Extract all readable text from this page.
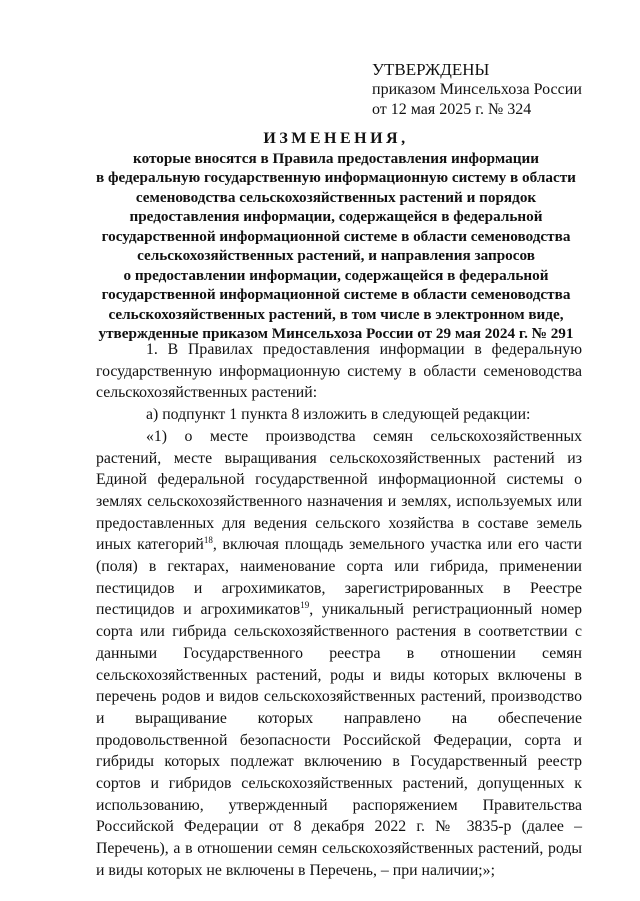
УТВЕРЖДЕНЫ
приказом Минсельхоза России
от 12 мая 2025 г. № 324
ИЗМЕНЕНИЯ,
которые вносятся в Правила предоставления информации
в федеральную государственную информационную систему в области
семеноводства сельскохозяйственных растений и порядок
предоставления информации, содержащейся в федеральной
государственной информационной системе в области семеноводства
сельскохозяйственных растений, и направления запросов
о предоставлении информации, содержащейся в федеральной
государственной информационной системе в области семеноводства
сельскохозяйственных растений, в том числе в электронном виде,
утвержденные приказом Минсельхоза России от 29 мая 2024 г. № 291

1. В Правилах предоставления информации в федеральную государственную информационную систему в области семеноводства сельскохозяйственных растений:

а) подпункт 1 пункта 8 изложить в следующей редакции:

«1) о месте производства семян сельскохозяйственных растений, месте выращивания сельскохозяйственных растений из Единой федеральной государственной информационной системы о землях сельскохозяйственного назначения и землях, используемых или предоставленных для ведения сельского хозяйства в составе земель иных категорий$^{18}$, включая площадь земельного участка или его части (поля) в гектарах, наименование сорта или гибрида, применении пестицидов и агрохимикатов, зарегистрированных в Реестре пестицидов и агрохимикатов$^{19}$, уникальный регистрационный номер сорта или гибрида сельскохозяйственного растения в соответствии с данными Государственного реестра в отношении семян сельскохозяйственных растений, роды и виды которых включены в перечень родов и видов сельскохозяйственных растений, производство и выращивание которых направлено на обеспечение продовольственной безопасности Российской Федерации, сорта и гибриды которых подлежат включению в Государственный реестр сортов и гибридов сельскохозяйственных растений, допущенных к использованию, утвержденный распоряжением Правительства Российской Федерации от 8 декабря 2022 г. № 3835-р (далее – Перечень), а в отношении семян сельскохозяйственных растений, роды и виды которых не включены в Перечень, – при наличии;»;
